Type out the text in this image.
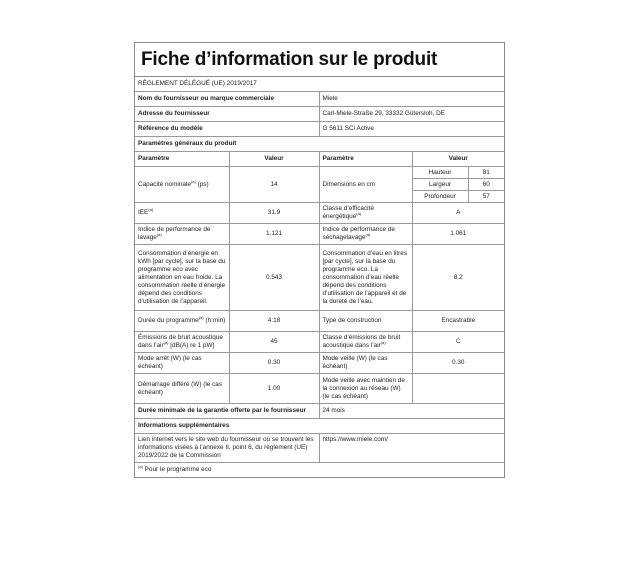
Fiche d’information sur le produit
RÈGLEMENT DÉLÉGUÉ (UE) 2019/2017				
Nom du fournisseur ou marque commerciale		Miele		
Adresse du fournisseur		Carl-Miele-Straße 29, 33332 Gütersloh, DE		
Référence du modèle		G 5611 SCi Active		
Paramètres généraux du produit				
Paramètre	Valeur	Paramètre	Valeur	
Capacité nominale$^{(a)}$ (ps)	14	Dimensions en cm	Hauteur	81
			Largeur	60
			Profondeur	57
IEE$^{(a)}$	31.9	Classe d’efficacité énergétique$^{(a)}$	A	
Indice de performance de lavage$^{(a)}$	1.121	Indice de performance de séchagelavage$^{(a)}$	1.061	
Consommation d’énergie en kWh [par cycle], sur la base du programme eco avec alimentation en eau froide. La consommation réelle d’énergie dépend des conditions d’utilisation de l’appareil.	0.543	Consommation d’eau en litres [par cycle], sur la base du programme eco. La consommation d’eau réelle dépend des conditions d’utilisation de l’appareil et de la dureté de l’eau.	8.2	
Durée du programme$^{(a)}$ (h:min)	4:18	Type de construction	Encastrable	
Émissions de bruit acoustique dans l’air$^{(a)}$ [dB(A) re 1 pW]	45	Classe d’émissions de bruit acoustique dans l’air$^{(a)}$	C	
Mode arrêt (W) (le cas échéant)	0.30	Mode veille (W) (le cas échéant)	0.30	
Démarrage différé (W) (le cas échéant)	1.00	Mode veille avec maintien de la connexion au réseau (W) (le cas échéant)		
Durée minimale de la garantie offerte par le fournisseur		24 mois		
Informations supplémentaires				
Lien internet vers le site web du fournisseur où se trouvent les informations visées à l’annexe II, point 6, du règlement (UE) 2019/2022 de la Commission		https://www.miele.com/		
$^{(a)}$ Pour le programme eco				
